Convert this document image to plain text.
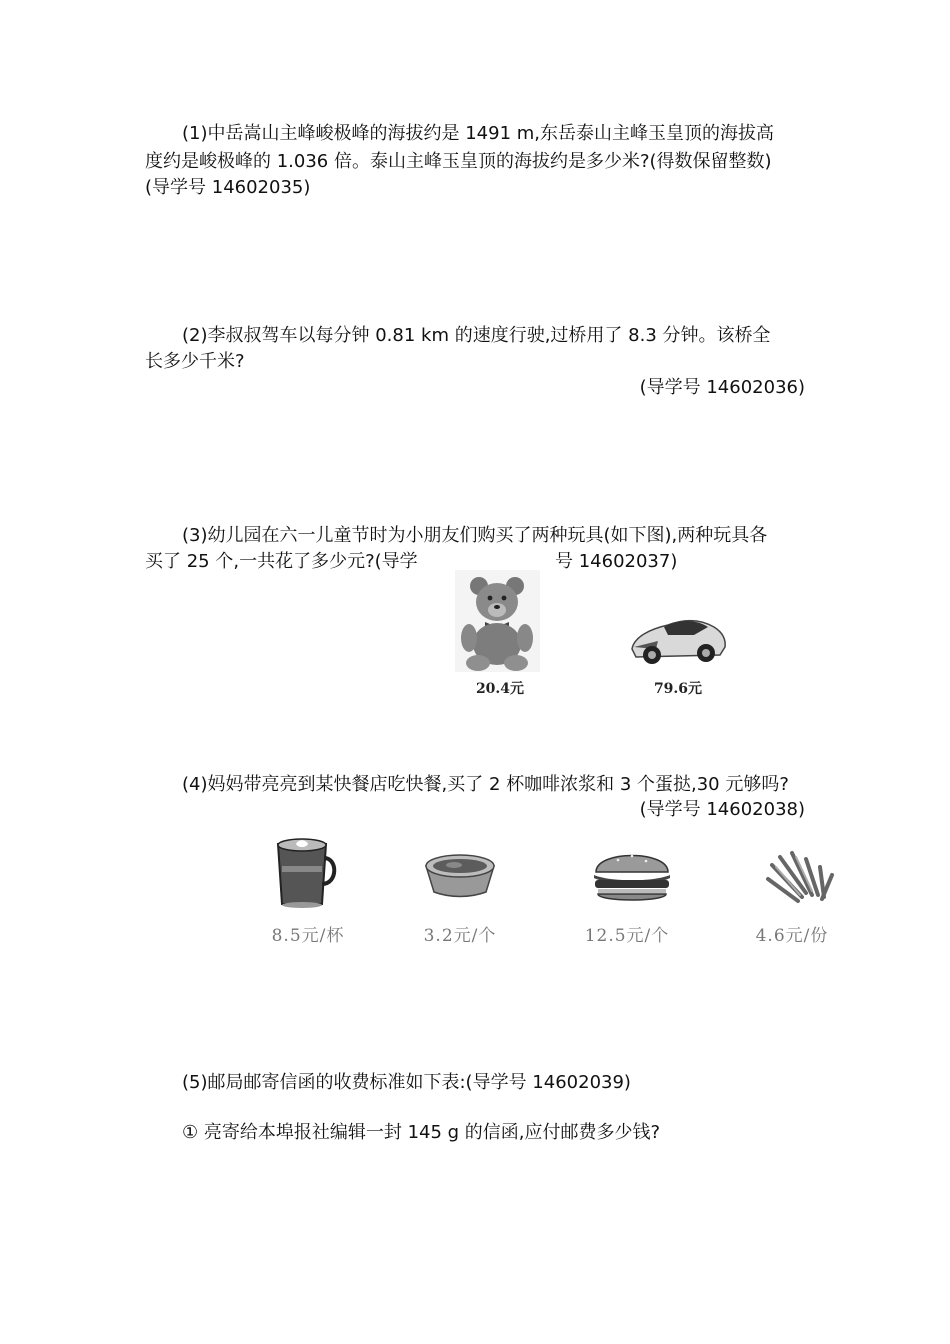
(1)中岳嵩山主峰峻极峰的海拔约是 1491 m,东岳泰山主峰玉皇顶的海拔高
度约是峻极峰的 1.036 倍。泰山主峰玉皇顶的海拔约是多少米?(得数保留整数)
(导学号 14602035)
(2)李叔叔驾车以每分钟 0.81 km 的速度行驶,过桥用了 8.3 分钟。该桥全
长多少千米?
(导学号 14602036)
(3)幼儿园在六一儿童节时为小朋友们购买了两种玩具(如下图),两种玩具各
买了 25 个,一共花了多少元?(导学	号 14602037)
20.4元	79.6元
(4)妈妈带亮亮到某快餐店吃快餐,买了 2 杯咖啡浓浆和 3 个蛋挞,30 元够吗?
(导学号 14602038)
8.5元/杯	3.2元/个	12.5元/个	4.6元/份
(5)邮局邮寄信函的收费标准如下表:(导学号 14602039)
① 亮寄给本埠报社编辑一封 145 g 的信函,应付邮费多少钱?
